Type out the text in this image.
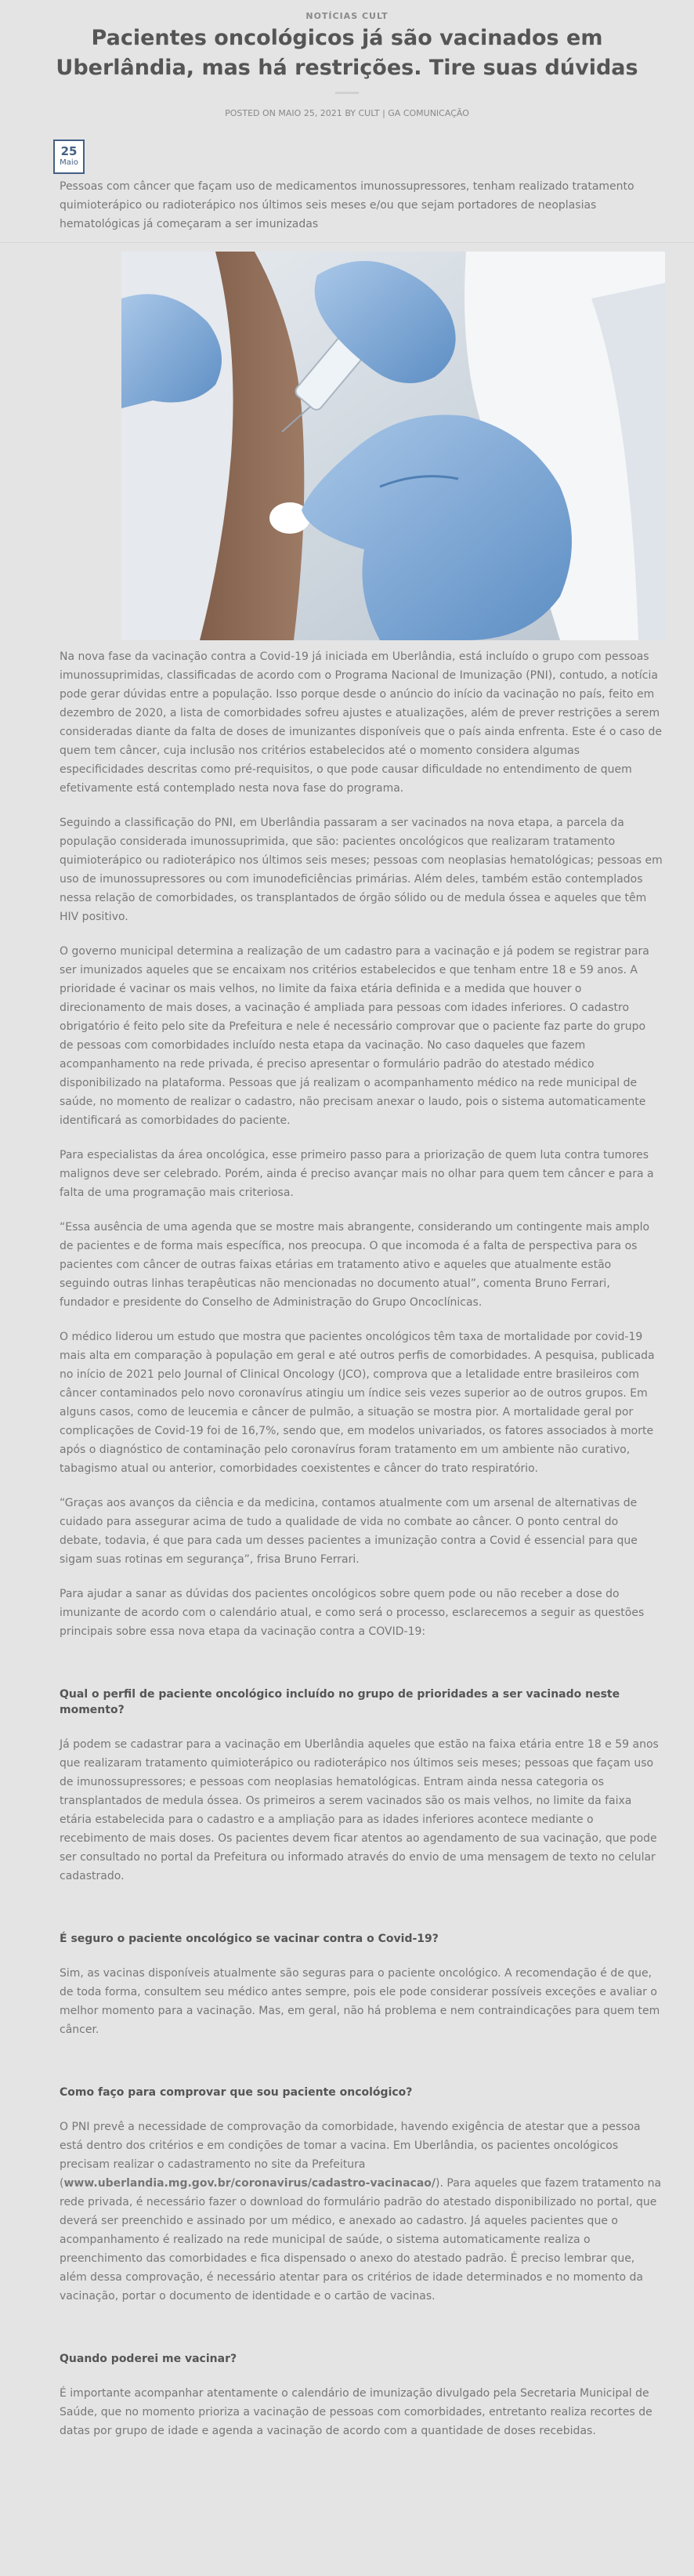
NOTÍCIAS CULT
Pacientes oncológicos já são vacinados em Uberlândia, mas há restrições. Tire suas dúvidas
POSTED ON MAIO 25, 2021 BY CULT | GA COMUNICAÇÃO
25
Maio

Pessoas com câncer que façam uso de medicamentos imunossupressores, tenham realizado tratamento quimioterápico ou radioterápico nos últimos seis meses e/ou que sejam portadores de neoplasias hematológicas já começaram a ser imunizadas

Na nova fase da vacinação contra a Covid-19 já iniciada em Uberlândia, está incluído o grupo com pessoas imunossuprimidas, classificadas de acordo com o Programa Nacional de Imunização (PNI), contudo, a notícia pode gerar dúvidas entre a população. Isso porque desde o anúncio do início da vacinação no país, feito em dezembro de 2020, a lista de comorbidades sofreu ajustes e atualizações, além de prever restrições a serem consideradas diante da falta de doses de imunizantes disponíveis que o país ainda enfrenta. Este é o caso de quem tem câncer, cuja inclusão nos critérios estabelecidos até o momento considera algumas especificidades descritas como pré-requisitos, o que pode causar dificuldade no entendimento de quem efetivamente está contemplado nesta nova fase do programa.

Seguindo a classificação do PNI, em Uberlândia passaram a ser vacinados na nova etapa, a parcela da população considerada imunossuprimida, que são: pacientes oncológicos que realizaram tratamento quimioterápico ou radioterápico nos últimos seis meses; pessoas com neoplasias hematológicas; pessoas em uso de imunossupressores ou com imunodeficiências primárias. Além deles, também estão contemplados nessa relação de comorbidades, os transplantados de órgão sólido ou de medula óssea e aqueles que têm HIV positivo.

O governo municipal determina a realização de um cadastro para a vacinação e já podem se registrar para ser imunizados aqueles que se encaixam nos critérios estabelecidos e que tenham entre 18 e 59 anos. A prioridade é vacinar os mais velhos, no limite da faixa etária definida e a medida que houver o direcionamento de mais doses, a vacinação é ampliada para pessoas com idades inferiores. O cadastro obrigatório é feito pelo site da Prefeitura e nele é necessário comprovar que o paciente faz parte do grupo de pessoas com comorbidades incluído nesta etapa da vacinação. No caso daqueles que fazem acompanhamento na rede privada, é preciso apresentar o formulário padrão do atestado médico disponibilizado na plataforma. Pessoas que já realizam o acompanhamento médico na rede municipal de saúde, no momento de realizar o cadastro, não precisam anexar o laudo, pois o sistema automaticamente identificará as comorbidades do paciente.

Para especialistas da área oncológica, esse primeiro passo para a priorização de quem luta contra tumores malignos deve ser celebrado. Porém, ainda é preciso avançar mais no olhar para quem tem câncer e para a falta de uma programação mais criteriosa.

“Essa ausência de uma agenda que se mostre mais abrangente, considerando um contingente mais amplo de pacientes e de forma mais específica, nos preocupa. O que incomoda é a falta de perspectiva para os pacientes com câncer de outras faixas etárias em tratamento ativo e aqueles que atualmente estão seguindo outras linhas terapêuticas não mencionadas no documento atual”, comenta Bruno Ferrari, fundador e presidente do Conselho de Administração do Grupo Oncoclínicas.

O médico liderou um estudo que mostra que pacientes oncológicos têm taxa de mortalidade por covid-19 mais alta em comparação à população em geral e até outros perfis de comorbidades. A pesquisa, publicada no início de 2021 pelo Journal of Clinical Oncology (JCO), comprova que a letalidade entre brasileiros com câncer contaminados pelo novo coronavírus atingiu um índice seis vezes superior ao de outros grupos. Em alguns casos, como de leucemia e câncer de pulmão, a situação se mostra pior. A mortalidade geral por complicações de Covid-19 foi de 16,7%, sendo que, em modelos univariados, os fatores associados à morte após o diagnóstico de contaminação pelo coronavírus foram tratamento em um ambiente não curativo, tabagismo atual ou anterior, comorbidades coexistentes e câncer do trato respiratório.

“Graças aos avanços da ciência e da medicina, contamos atualmente com um arsenal de alternativas de cuidado para assegurar acima de tudo a qualidade de vida no combate ao câncer. O ponto central do debate, todavia, é que para cada um desses pacientes a imunização contra a Covid é essencial para que sigam suas rotinas em segurança”, frisa Bruno Ferrari.

Para ajudar a sanar as dúvidas dos pacientes oncológicos sobre quem pode ou não receber a dose do imunizante de acordo com o calendário atual, e como será o processo, esclarecemos a seguir as questões principais sobre essa nova etapa da vacinação contra a COVID-19:

Qual o perfil de paciente oncológico incluído no grupo de prioridades a ser vacinado neste momento?

Já podem se cadastrar para a vacinação em Uberlândia aqueles que estão na faixa etária entre 18 e 59 anos que realizaram tratamento quimioterápico ou radioterápico nos últimos seis meses; pessoas que façam uso de imunossupressores; e pessoas com neoplasias hematológicas. Entram ainda nessa categoria os transplantados de medula óssea. Os primeiros a serem vacinados são os mais velhos, no limite da faixa etária estabelecida para o cadastro e a ampliação para as idades inferiores acontece mediante o recebimento de mais doses. Os pacientes devem ficar atentos ao agendamento de sua vacinação, que pode ser consultado no portal da Prefeitura ou informado através do envio de uma mensagem de texto no celular cadastrado.

É seguro o paciente oncológico se vacinar contra o Covid-19?

Sim, as vacinas disponíveis atualmente são seguras para o paciente oncológico. A recomendação é de que, de toda forma, consultem seu médico antes sempre, pois ele pode considerar possíveis exceções e avaliar o melhor momento para a vacinação. Mas, em geral, não há problema e nem contraindicações para quem tem câncer.

Como faço para comprovar que sou paciente oncológico?

O PNI prevê a necessidade de comprovação da comorbidade, havendo exigência de atestar que a pessoa está dentro dos critérios e em condições de tomar a vacina. Em Uberlândia, os pacientes oncológicos precisam realizar o cadastramento no site da Prefeitura (www.uberlandia.mg.gov.br/coronavirus/cadastro-vacinacao/). Para aqueles que fazem tratamento na rede privada, é necessário fazer o download do formulário padrão do atestado disponibilizado no portal, que deverá ser preenchido e assinado por um médico, e anexado ao cadastro. Já aqueles pacientes que o acompanhamento é realizado na rede municipal de saúde, o sistema automaticamente realiza o preenchimento das comorbidades e fica dispensado o anexo do atestado padrão. É preciso lembrar que, além dessa comprovação, é necessário atentar para os critérios de idade determinados e no momento da vacinação, portar o documento de identidade e o cartão de vacinas.

Quando poderei me vacinar?

É importante acompanhar atentamente o calendário de imunização divulgado pela Secretaria Municipal de Saúde, que no momento prioriza a vacinação de pessoas com comorbidades, entretanto realiza recortes de datas por grupo de idade e agenda a vacinação de acordo com a quantidade de doses recebidas.
